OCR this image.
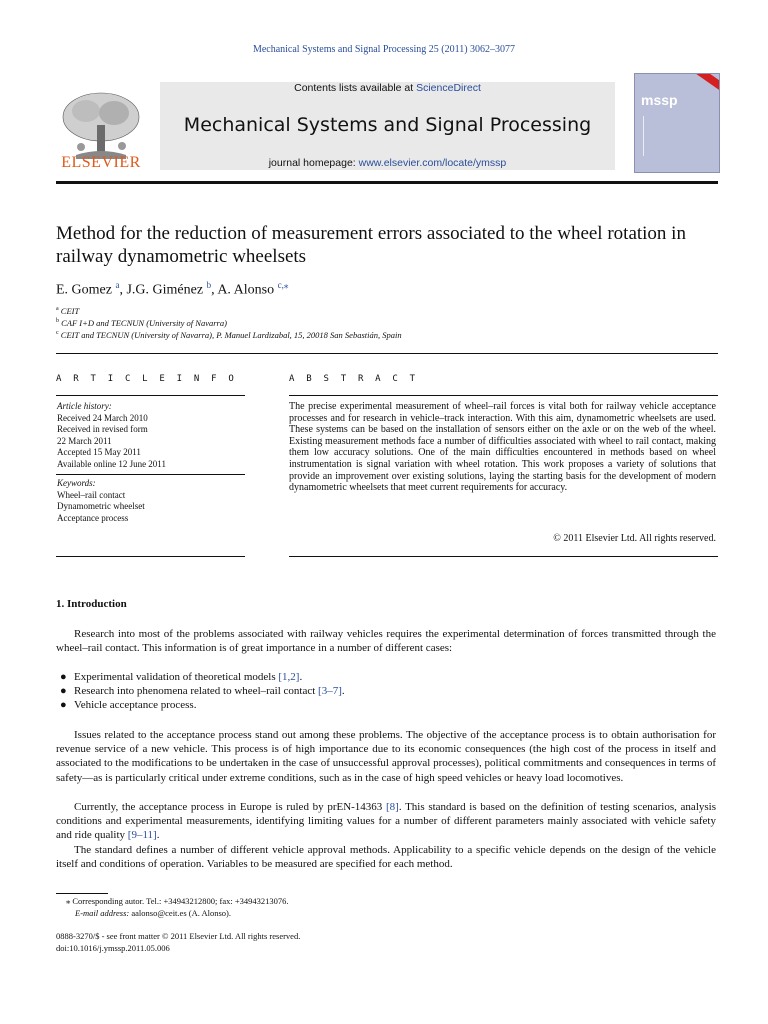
Mechanical Systems and Signal Processing 25 (2011) 3062–3077
Contents lists available at ScienceDirect
Mechanical Systems and Signal Processing
journal homepage: www.elsevier.com/locate/ymssp
ELSEVIER
mssp
Method for the reduction of measurement errors associated to the wheel rotation in railway dynamometric wheelsets
E. Gomez $^a$, J.G. Giménez $^b$, A. Alonso $^{c,⁎}$
$^a$ CEIT
$^b$ CAF I+D and TECNUN (University of Navarra)
$^c$ CEIT and TECNUN (University of Navarra), P. Manuel Lardizabal, 15, 20018 San Sebastián, Spain
A R T I C L E I N F O
Article history:
Received 24 March 2010
Received in revised form
22 March 2011
Accepted 15 May 2011
Available online 12 June 2011
Keywords:
Wheel–rail contact
Dynamometric wheelset
Acceptance process
A B S T R A C T
The precise experimental measurement of wheel–rail forces is vital both for railway vehicle acceptance processes and for research in vehicle–track interaction. With this aim, dynamometric wheelsets are used. These systems can be based on the installation of sensors either on the axle or on the web of the wheel. Existing measurement methods face a number of difficulties associated with wheel to rail contact, making them low accuracy solutions. One of the main difficulties encountered in methods based on wheel instrumentation is signal variation with wheel rotation. This work proposes a variety of solutions that provide an improvement over existing solutions, laying the starting basis for the development of modern dynamometric wheelsets that meet current requirements for accuracy.
© 2011 Elsevier Ltd. All rights reserved.
1. Introduction
Research into most of the problems associated with railway vehicles requires the experimental determination of forces transmitted through the wheel–rail contact. This information is of great importance in a number of different cases:
● Experimental validation of theoretical models [1,2].
● Research into phenomena related to wheel–rail contact [3–7].
● Vehicle acceptance process.
Issues related to the acceptance process stand out among these problems. The objective of the acceptance process is to obtain authorisation for revenue service of a new vehicle. This process is of high importance due to its economic consequences (the high cost of the process in itself and associated to the modifications to be undertaken in the case of unsuccessful approval processes), political commitments and consequences in terms of safety—as is particularly critical under extreme conditions, such as in the case of high speed vehicles or heavy load locomotives.
Currently, the acceptance process in Europe is ruled by prEN-14363 [8]. This standard is based on the definition of testing scenarios, analysis conditions and experimental measurements, identifying limiting values for a number of different parameters mainly associated with vehicle safety and ride quality [9–11].
The standard defines a number of different vehicle approval methods. Applicability to a specific vehicle depends on the design of the vehicle itself and conditions of operation. Variables to be measured are specified for each method.
⁎ Corresponding autor. Tel.: +34943212800; fax: +34943213076.
E-mail address: aalonso@ceit.es (A. Alonso).
0888-3270/$ - see front matter © 2011 Elsevier Ltd. All rights reserved.
doi:10.1016/j.ymssp.2011.05.006
